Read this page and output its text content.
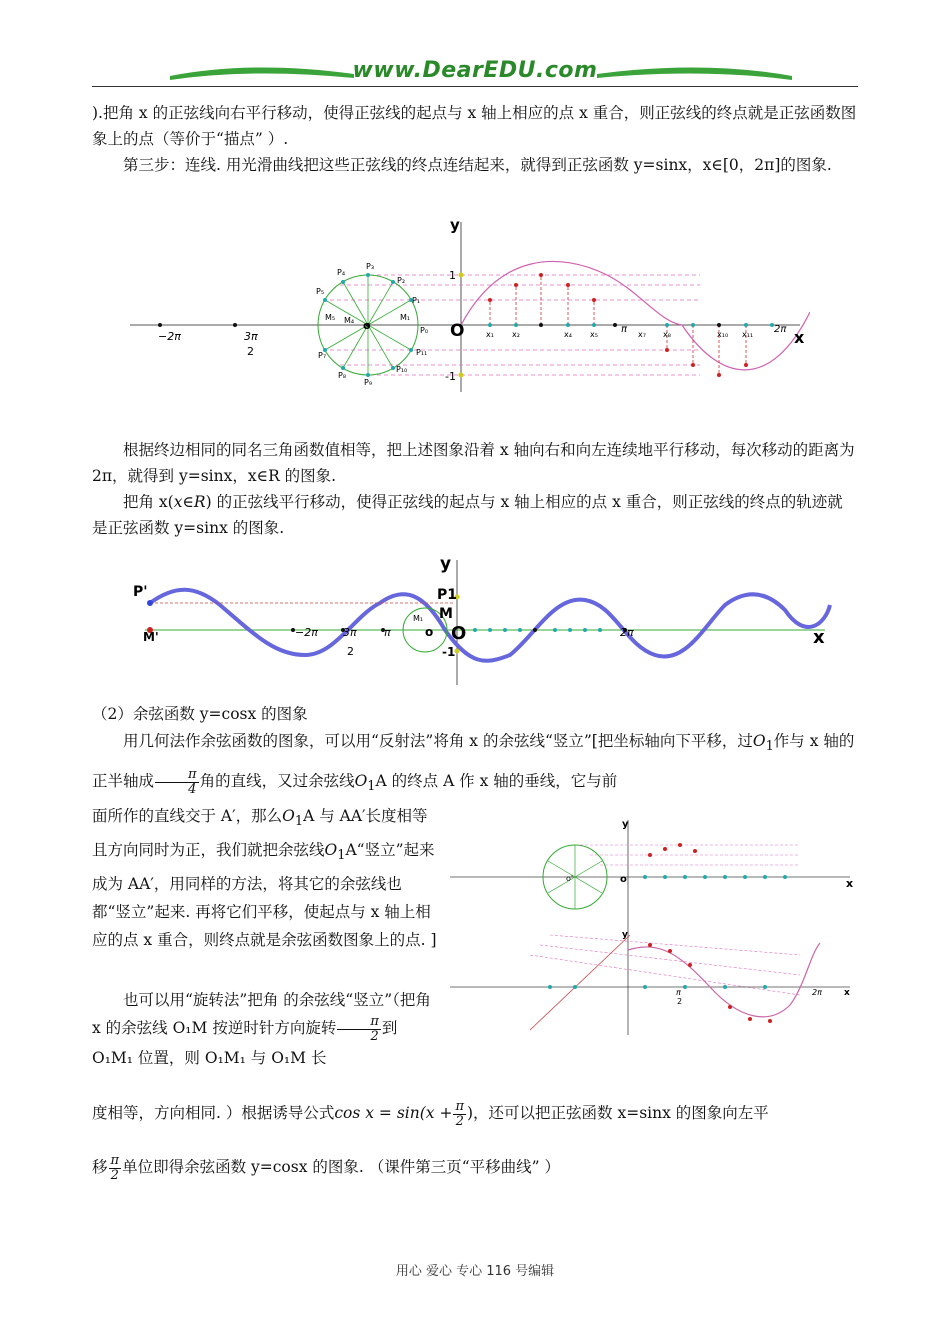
www.DearEDU.com
).把角 x 的正弦线向右平行移动，使得正弦线的起点与 x 轴上相应的点 x 重合，则正弦线的终点就是正弦函数图象上的点（等价于“描点” ）.
第三步：连线. 用光滑曲线把这些正弦线的终点连结起来，就得到正弦函数 y=sinx，x∈[0，2π]的图象.
y
x
O
1
-1
−2π	3π
2
o	π	2π
P₀
P₁
P₂
P₃
P₄
P₅
P₇
P₈
P₉
P₁₀
P₁₁
M₁
M₄
M₅
x₁ x₂	x₄ x₅	x₇ x₈	x₁₀ x₁₁
根据终边相同的同名三角函数值相等，把上述图象沿着 x 轴向右和向左连续地平行移动，每次移动的距离为 2π，就得到 y=sinx，x∈R 的图象.
把角 x(x∈R) 的正弦线平行移动，使得正弦线的起点与 x 轴上相应的点 x 重合，则正弦线的终点的轨迹就是正弦函数 y=sinx 的图象.
y
x
O
P1
P'
M
M'
-1
−2π 3π
2
π	2π
o
M₁
（2）余弦函数 y=cosx 的图象
用几何法作余弦函数的图象，可以用“反射法”将角 x 的余弦线“竖立”[把坐标轴向下平移，过$O_1$作与 x 轴的正半轴成 $\frac{\pi}{4}$ 角的直线，又过余弦线$O_1A$ 的终点 A 作 x 轴的垂线，它与前
面所作的直线交于 A′，那么$O_1A$ 与 AA′长度相等且方向同时为正，我们就把余弦线$O_1A“$竖立”起来成为 AA′，用同样的方法，将其它的余弦线也都“竖立”起来. 再将它们平移，使起点与 x 轴上相应的点 x 重合，则终点就是余弦函数图象上的点. ]
也可以用“旋转法”把角 的余弦线“竖立”（把角 x 的余弦线 O₁M 按逆时针方向旋转 $\frac{\pi}{2}$ 到 O₁M₁ 位置，则 O₁M₁ 与 O₁M 长
y
x
y
x
o
o'
π
2
2π
度相等，方向相同. ）根据诱导公式$\cos x = \sin(x + \frac{\pi}{2}$ )，还可以把正弦函数 x=sinx 的图象向左平
移 $\frac{\pi}{2}$ 单位即得余弦函数 y=cosx 的图象. （课件第三页“平移曲线” ）
用心 爱心 专心 116 号编辑
